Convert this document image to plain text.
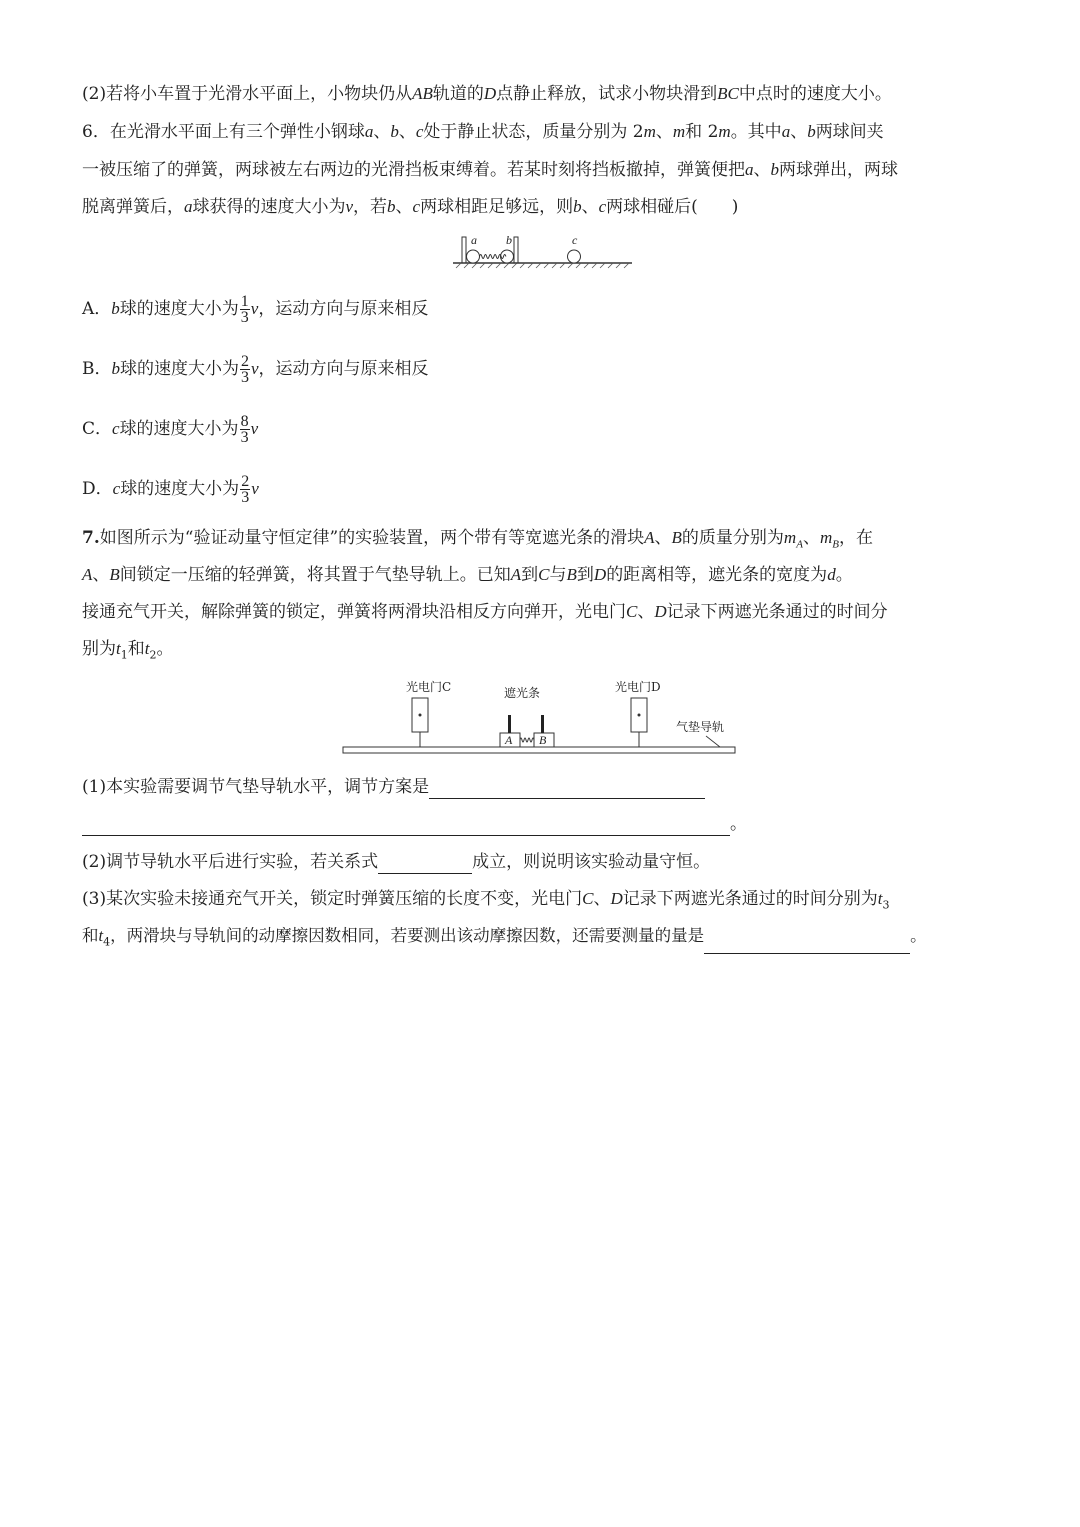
(2)若将小车置于光滑水平面上，小物块仍从AB轨道的D点静止释放，试求小物块滑到BC中点时的速度大小。
6．在光滑水平面上有三个弹性小钢球a、b、c处于静止状态，质量分别为 2m、m和 2m。其中a、b两球间夹
一被压缩了的弹簧，两球被左右两边的光滑挡板束缚着。若某时刻将挡板撤掉，弹簧便把a、b两球弹出，两球
脱离弹簧后，a球获得的速度大小为v，若b、c两球相距足够远，则b、c两球相碰后(　　)
a b	c
A．b球的速度大小为 $\frac{1}{3}$ v，运动方向与原来相反
B．b球的速度大小为 $\frac{2}{3}$ v，运动方向与原来相反
C．c球的速度大小为 $\frac{8}{3}$ v
D．c球的速度大小为 $\frac{2}{3}$ v
7.如图所示为“验证动量守恒定律”的实验装置，两个带有等宽遮光条的滑块A、B的质量分别为$m_A$、$m_B$，在
A、B间锁定一压缩的轻弹簧，将其置于气垫导轨上。已知A到C与B到D的距离相等，遮光条的宽度为d。
接通充气开关，解除弹簧的锁定，弹簧将两滑块沿相反方向弹开，光电门C、D记录下两遮光条通过的时间分
别为$t_1$和$t_2$。
光电门C	遮光条	光电门D
气垫导轨
A B
(1)本实验需要调节气垫导轨水平，调节方案是
。
(2)调节导轨水平后进行实验，若关系式	成立，则说明该实验动量守恒。
(3)某次实验未接通充气开关，锁定时弹簧压缩的长度不变，光电门C、D记录下两遮光条通过的时间分别为$t_3$
和$t_4$，两滑块与导轨间的动摩擦因数相同，若要测出该动摩擦因数，还需要测量的量是	。
